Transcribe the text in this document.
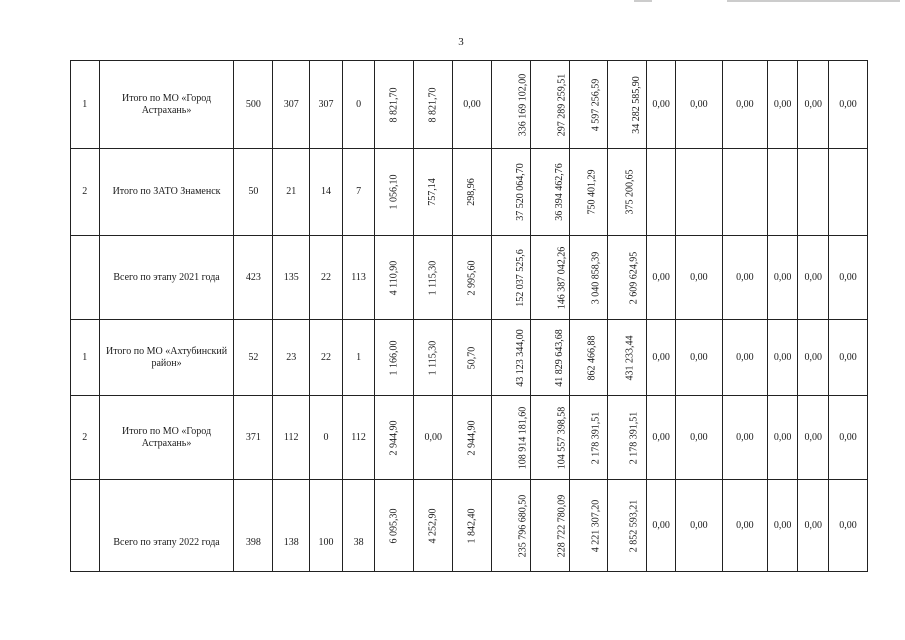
3
1	Итого по МО «Город Астрахань»	500	307	307	0	8 821,70	8 821,70	0,00	336 169 102,00	297 289 259,51	4 597 256,59	34 282 585,90	0,00	0,00	0,00	0,00	0,00	0,00
2	Итого по ЗАТО Знаменск	50	21	14	7	1 056,10	757,14	298,96	37 520 064,70	36 394 462,76	750 401,29	375 200,65						
	Всего по этапу 2021 года	423	135	22	113	4 110,90	1 115,30	2 995,60	152 037 525,6	146 387 042,26	3 040 858,39	2 609 624,95	0,00	0,00	0,00	0,00	0,00	0,00
1	Итого по МО «Ахтубинский район»	52	23	22	1	1 166,00	1 115,30	50,70	43 123 344,00	41 829 643,68	862 466,88	431 233,44	0,00	0,00	0,00	0,00	0,00	0,00
2	Итого по МО «Город Астрахань»	371	112	0	112	2 944,90	0,00	2 944,90	108 914 181,60	104 557 398,58	2 178 391,51	2 178 391,51	0,00	0,00	0,00	0,00	0,00	0,00
	Всего по этапу 2022 года	398	138	100	38	6 095,30	4 252,90	1 842,40	235 796 680,50	228 722 780,09	4 221 307,20	2 852 593,21	0,00	0,00	0,00	0,00	0,00	0,00
